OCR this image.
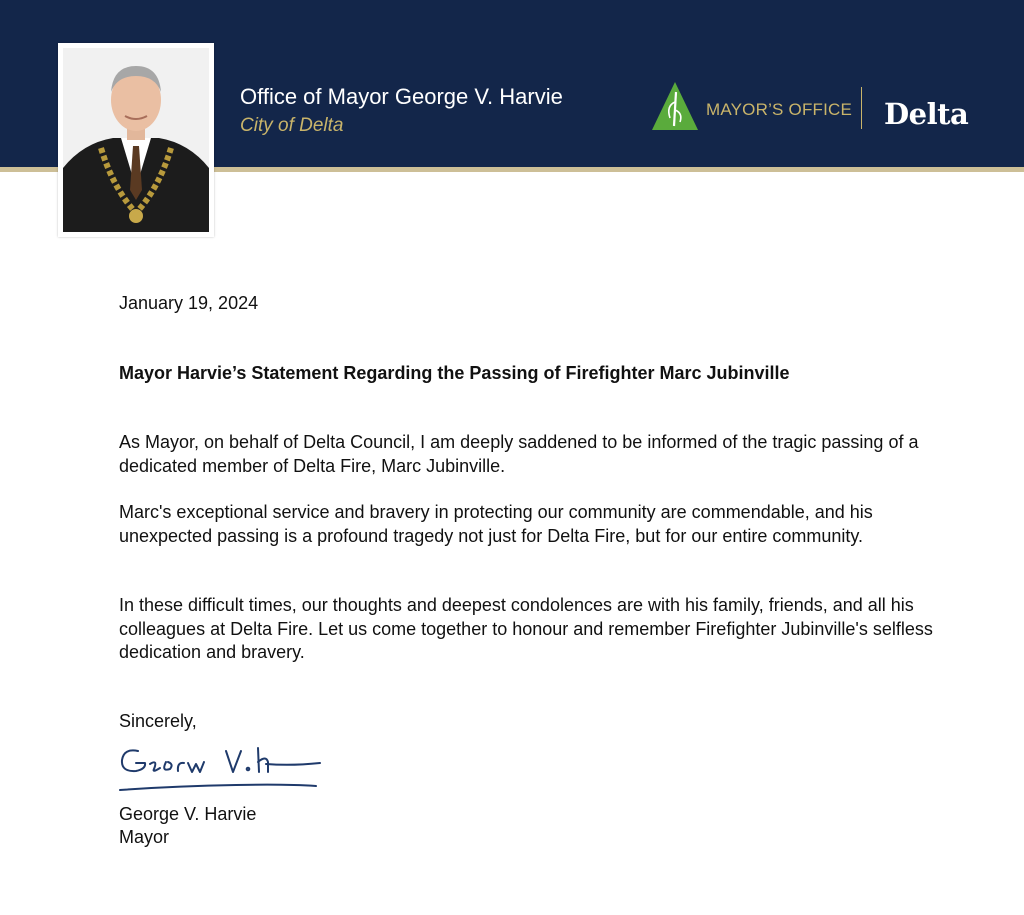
Office of Mayor George V. Harvie
City of Delta
MAYOR’S OFFICE Delta
January 19, 2024
Mayor Harvie’s Statement Regarding the Passing of Firefighter Marc Jubinville
As Mayor, on behalf of Delta Council, I am deeply saddened to be informed of the tragic passing of a dedicated member of Delta Fire, Marc Jubinville.
Marc's exceptional service and bravery in protecting our community are commendable, and his unexpected passing is a profound tragedy not just for Delta Fire, but for our entire community.
In these difficult times, our thoughts and deepest condolences are with his family, friends, and all his colleagues at Delta Fire. Let us come together to honour and remember Firefighter Jubinville's selfless dedication and bravery.
Sincerely,
George V. Harvie
Mayor
